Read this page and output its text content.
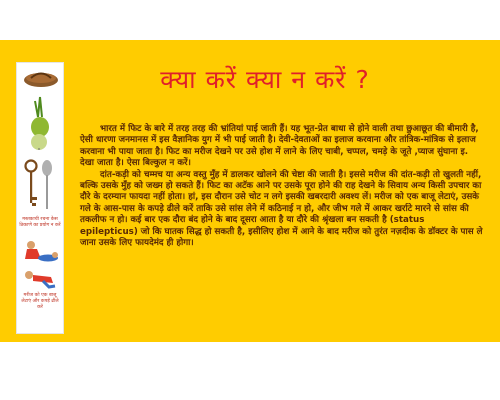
मस्तकाची रचना केस ठिकाणे का प्रयोग न करें
मरीज को एक बाजू लेटाएं और कपड़े ढीले करें
क्या करें क्या न करें ?

भारत में फिट के बारे में तरह तरह की भ्रांतियां पाई जाती हैं। यह भूत-प्रेत बाधा से होने वाली तथा छुआछूत की बीमारी है, ऐसी धारणा जनमानस में इस वैज्ञानिक युग में भी पाई जाती है। देवी-देवताओं का इलाज करवाना और तांत्रिक-मांत्रिक से इलाज करवाना भी पाया जाता है। फिट का मरीज देखने पर उसे होश में लाने के लिए चाबी, चप्पल, चमड़े के जूते ,प्याज सुंघाना इ. देखा जाता है। ऐसा बिल्कुल न करें।

दांत-कड़ी को चम्मच या अन्य वस्तु मुँह में डालकर खोलने की चेष्टा की जाती है। इससे मरीज की दांत-कड़ी तो खुलती नहीं, बल्कि उसके मुँह को जख्म हो सकते हैं। फिट का अटॅक आने पर उसके पूरा होने की राह देखने के सिवाय अन्य किसी उपचार का दौरे के दरम्यान फायदा नहीं होता। हां, इस दौरान उसे चोट न लगे इसकी खबरदारी अवश्य लें। मरीज को एक बाजू लेटाएं, उसके गले के आस-पास के कपड़े ढीले करें ताकि उसे सांस लेने में कठिनाई न हो, और जीभ गले में आकर खर्राटे मारने से सांस की तकलीफ न हो। कई बार एक दौरा बंद होने के बाद दूसरा आता है या दौरे की श्रृंखला बन सकती है (status epilepticus) जो कि घातक सिद्ध हो सकती है, इसीलिए होश में आने के बाद मरीज को तुरंत नज़दीक के डॉक्टर के पास ले जाना उसके लिए फायदेमंद ही होगा।
